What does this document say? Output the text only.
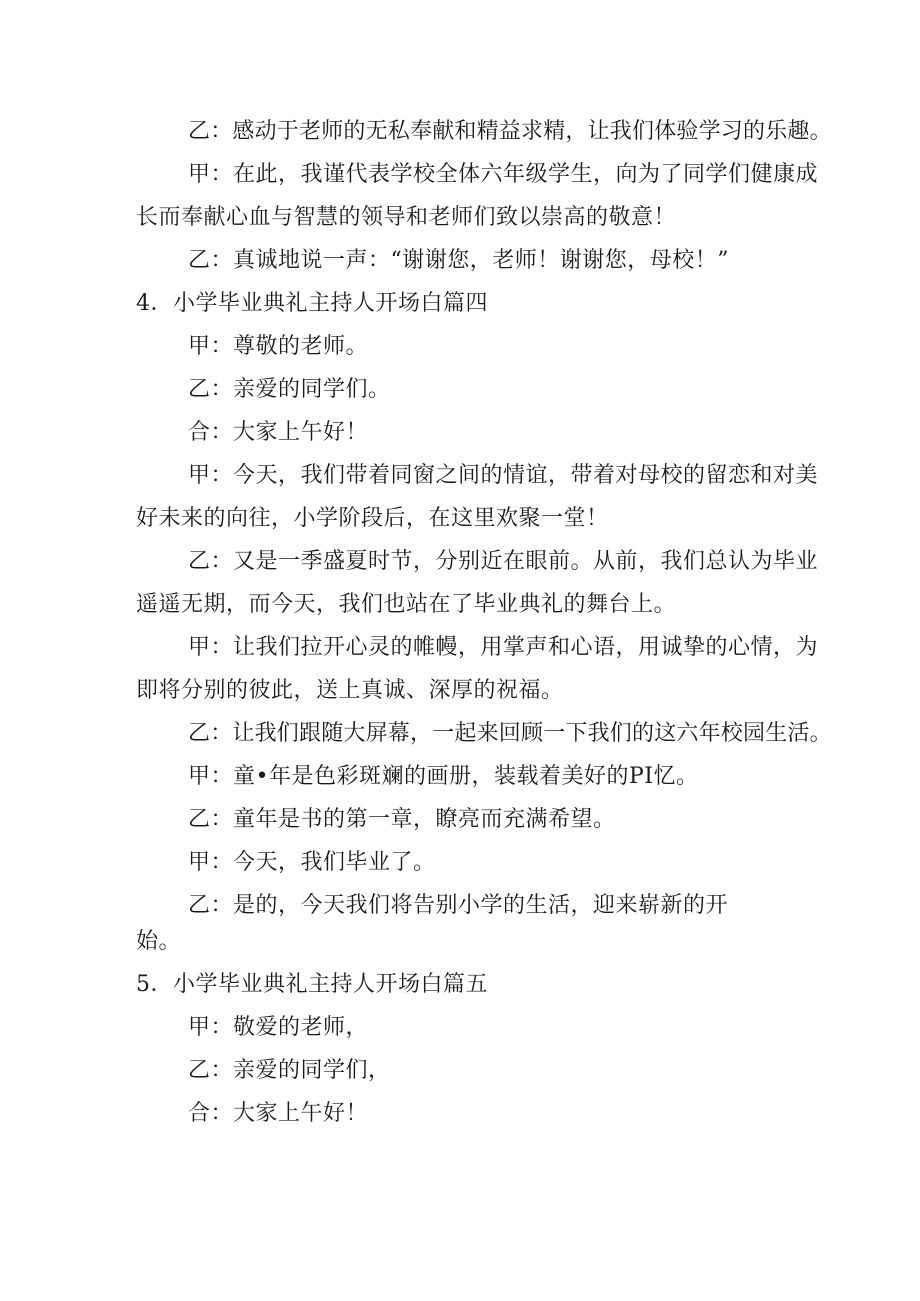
乙：感动于老师的无私奉献和精益求精，让我们体验学习的乐趣。
甲：在此，我谨代表学校全体六年级学生，向为了同学们健康成
长而奉献心血与智慧的领导和老师们致以崇高的敬意！
乙：真诚地说一声：“谢谢您，老师！谢谢您，母校！”
4．小学毕业典礼主持人开场白篇四
甲：尊敬的老师。
乙：亲爱的同学们。
合：大家上午好！
甲：今天，我们带着同窗之间的情谊，带着对母校的留恋和对美
好未来的向往，小学阶段后，在这里欢聚一堂！
乙：又是一季盛夏时节，分别近在眼前。从前，我们总认为毕业
遥遥无期，而今天，我们也站在了毕业典礼的舞台上。
甲：让我们拉开心灵的帷幔，用掌声和心语，用诚挚的心情，为
即将分别的彼此，送上真诚、深厚的祝福。
乙：让我们跟随大屏幕，一起来回顾一下我们的这六年校园生活。
甲：童•年是色彩斑斓的画册，装载着美好的PI忆。
乙：童年是书的第一章，瞭亮而充满希望。
甲：今天，我们毕业了。
乙：是的，今天我们将告别小学的生活，迎来崭新的开
始。
5．小学毕业典礼主持人开场白篇五
甲：敬爱的老师，
乙：亲爱的同学们，
合：大家上午好！
